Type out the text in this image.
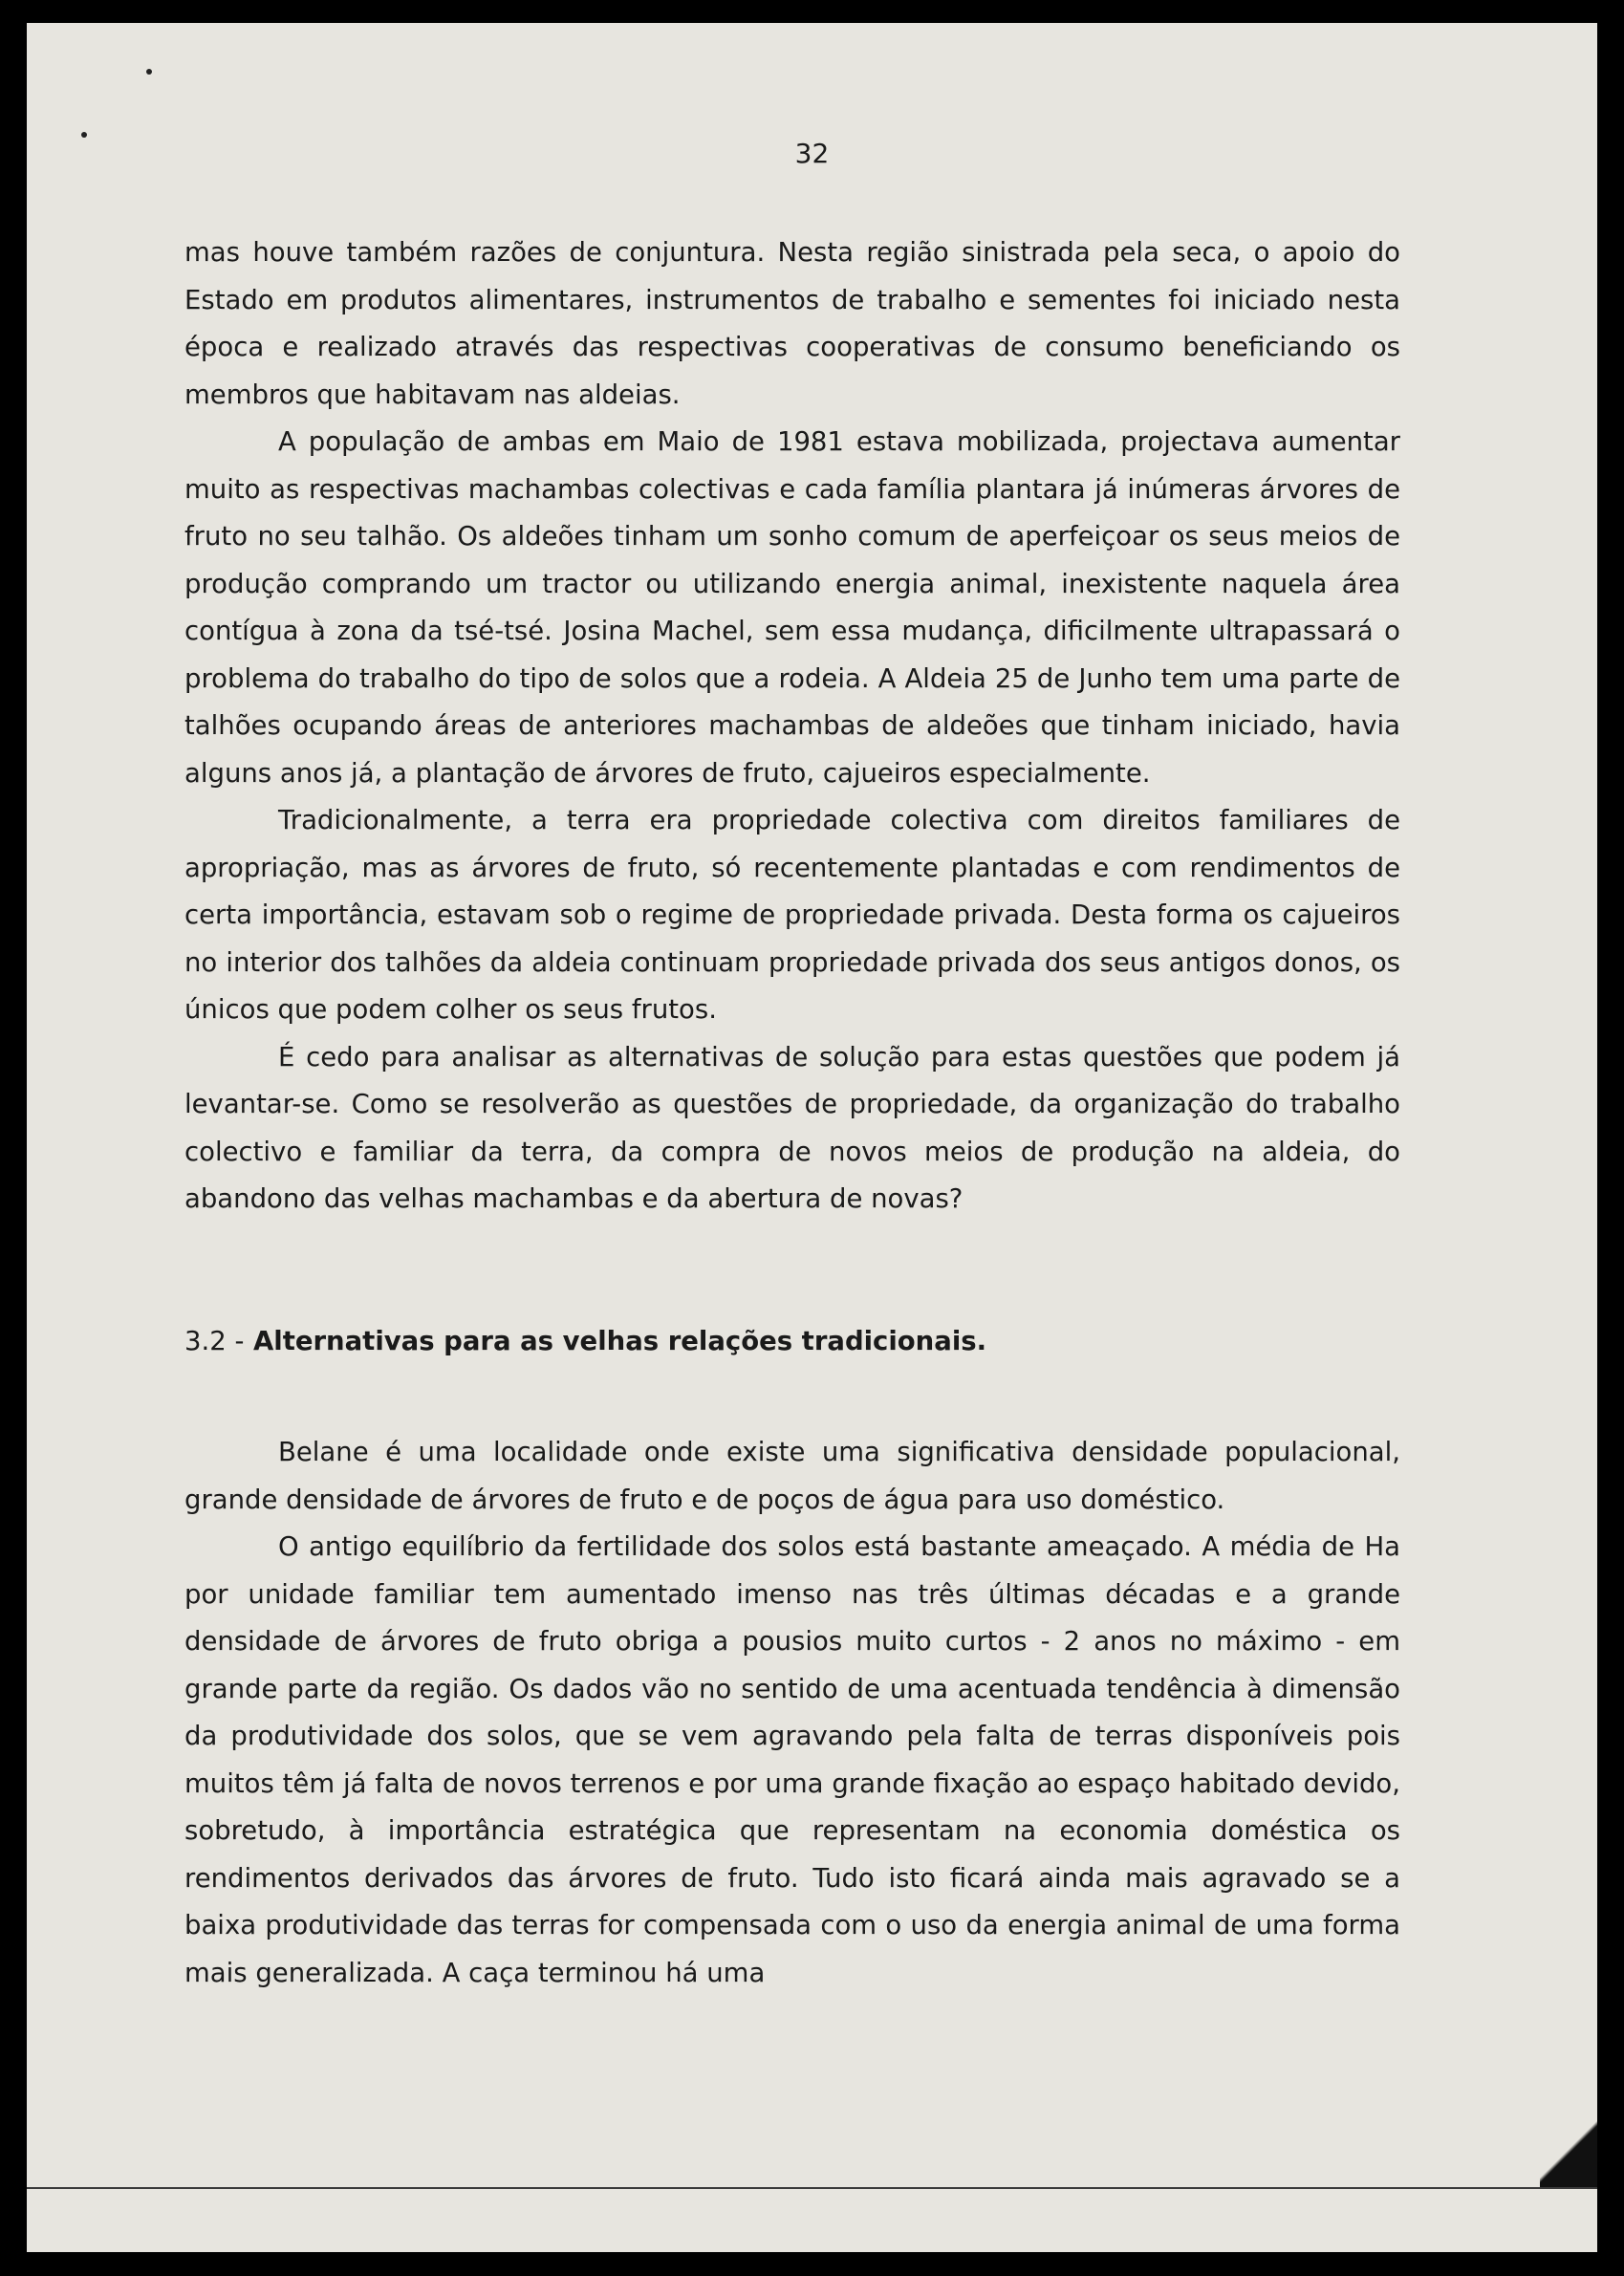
32

mas houve também razões de conjuntura. Nesta região sinistrada pela seca, o apoio do Estado em produtos alimentares, instrumentos de trabalho e sementes foi iniciado nesta época e realizado através das respectivas cooperativas de consumo beneficiando os membros que habitavam nas aldeias.

A população de ambas em Maio de 1981 estava mobilizada, projectava aumentar muito as respectivas machambas colectivas e cada família plantara já inúmeras árvores de fruto no seu talhão. Os aldeões tinham um sonho comum de aperfeiçoar os seus meios de produção comprando um tractor ou utilizando energia animal, inexistente naquela área contígua à zona da tsé-tsé. Josina Machel, sem essa mudança, dificilmente ultrapassará o problema do trabalho do tipo de solos que a rodeia. A Aldeia 25 de Junho tem uma parte de talhões ocupando áreas de anteriores machambas de aldeões que tinham iniciado, havia alguns anos já, a plantação de árvores de fruto, cajueiros especialmente.

Tradicionalmente, a terra era propriedade colectiva com direitos familiares de apropriação, mas as árvores de fruto, só recentemente plantadas e com rendimentos de certa importância, estavam sob o regime de propriedade privada. Desta forma os cajueiros no interior dos talhões da aldeia continuam propriedade privada dos seus antigos donos, os únicos que podem colher os seus frutos.

É cedo para analisar as alternativas de solução para estas questões que podem já levantar-se. Como se resolverão as questões de propriedade, da organização do trabalho colectivo e familiar da terra, da compra de novos meios de produção na aldeia, do abandono das velhas machambas e da abertura de novas?

3.2 - Alternativas para as velhas relações tradicionais.

Belane é uma localidade onde existe uma significativa densidade populacional, grande densidade de árvores de fruto e de poços de água para uso doméstico.

O antigo equilíbrio da fertilidade dos solos está bastante ameaçado. A média de Ha por unidade familiar tem aumentado imenso nas três últimas décadas e a grande densidade de árvores de fruto obriga a pousios muito curtos - 2 anos no máximo - em grande parte da região. Os dados vão no sentido de uma acentuada tendência à dimensão da produtividade dos solos, que se vem agravando pela falta de terras disponíveis pois muitos têm já falta de novos terrenos e por uma grande fixação ao espaço habitado devido, sobretudo, à importância estratégica que representam na economia doméstica os rendimentos derivados das árvores de fruto. Tudo isto ficará ainda mais agravado se a baixa produtividade das terras for compensada com o uso da energia animal de uma forma mais generalizada. A caça terminou há uma
